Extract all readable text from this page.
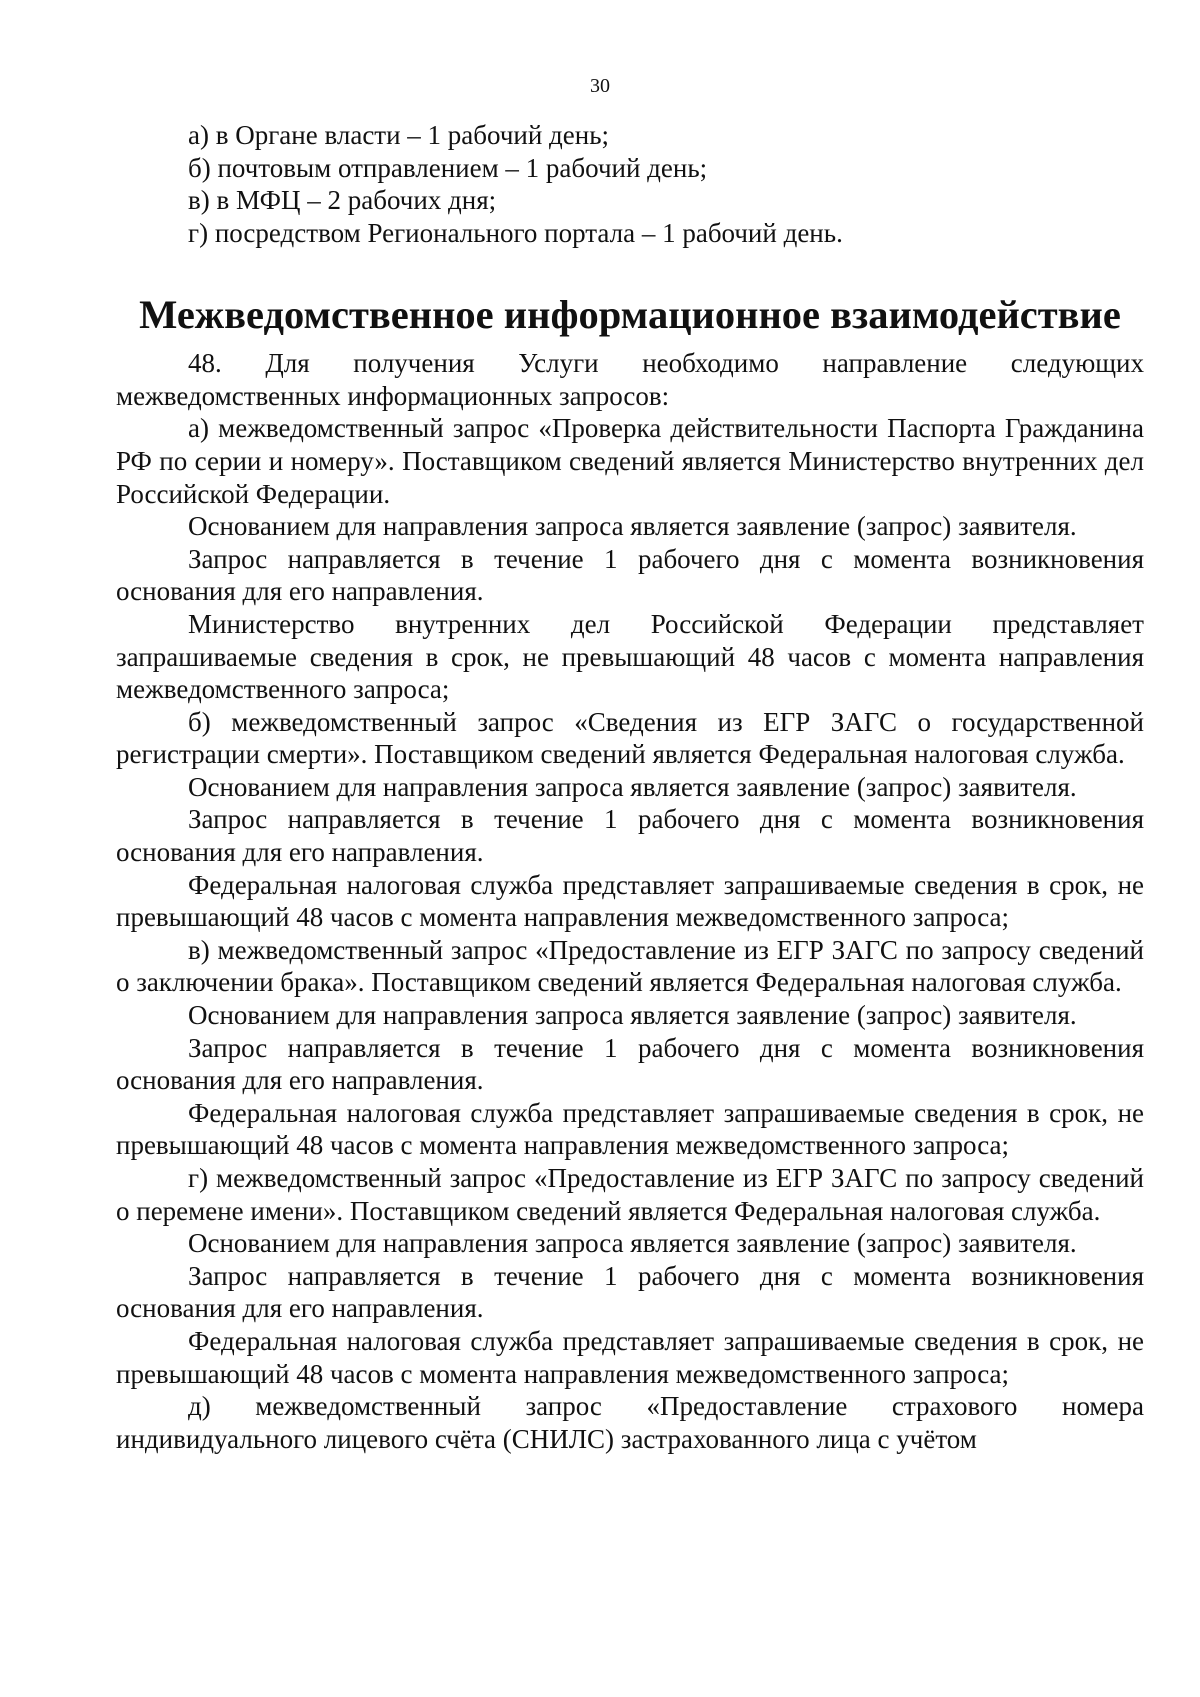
30

а) в Органе власти – 1 рабочий день;

б) почтовым отправлением – 1 рабочий день;

в) в МФЦ – 2 рабочих дня;

г) посредством Регионального портала – 1 рабочий день.

Межведомственное информационное взаимодействие

48. Для получения Услуги необходимо направление следующих межведомственных информационных запросов:

а) межведомственный запрос «Проверка действительности Паспорта Гражданина РФ по серии и номеру». Поставщиком сведений является Министерство внутренних дел Российской Федерации.

Основанием для направления запроса является заявление (запрос) заявителя.

Запрос направляется в течение 1 рабочего дня с момента возникновения основания для его направления.

Министерство внутренних дел Российской Федерации представляет запрашиваемые сведения в срок, не превышающий 48 часов с момента направления межведомственного запроса;

б) межведомственный запрос «Сведения из ЕГР ЗАГС о государственной регистрации смерти». Поставщиком сведений является Федеральная налоговая служба.

Основанием для направления запроса является заявление (запрос) заявителя.

Запрос направляется в течение 1 рабочего дня с момента возникновения основания для его направления.

Федеральная налоговая служба представляет запрашиваемые сведения в срок, не превышающий 48 часов с момента направления межведомственного запроса;

в) межведомственный запрос «Предоставление из ЕГР ЗАГС по запросу сведений о заключении брака». Поставщиком сведений является Федеральная налоговая служба.

Основанием для направления запроса является заявление (запрос) заявителя.

Запрос направляется в течение 1 рабочего дня с момента возникновения основания для его направления.

Федеральная налоговая служба представляет запрашиваемые сведения в срок, не превышающий 48 часов с момента направления межведомственного запроса;

г) межведомственный запрос «Предоставление из ЕГР ЗАГС по запросу сведений о перемене имени». Поставщиком сведений является Федеральная налоговая служба.

Основанием для направления запроса является заявление (запрос) заявителя.

Запрос направляется в течение 1 рабочего дня с момента возникновения основания для его направления.

Федеральная налоговая служба представляет запрашиваемые сведения в срок, не превышающий 48 часов с момента направления межведомственного запроса;

д) межведомственный запрос «Предоставление страхового номера индивидуального лицевого счёта (СНИЛС) застрахованного лица с учётом
